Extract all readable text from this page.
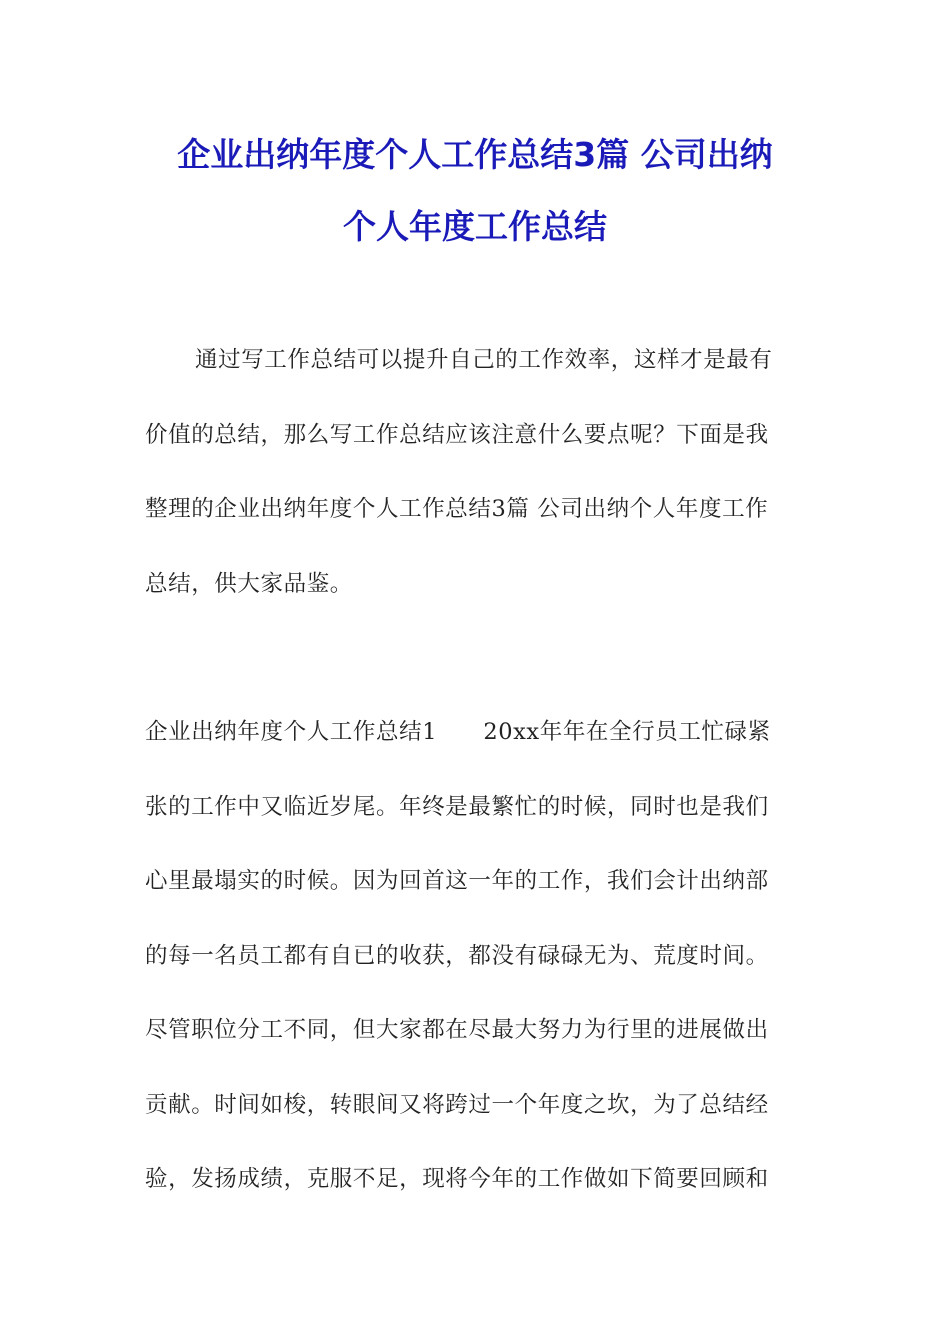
企业出纳年度个人工作总结3篇 公司出纳
个人年度工作总结
通过写工作总结可以提升自己的工作效率，这样才是最有
价值的总结，那么写工作总结应该注意什么要点呢？下面是我
整理的企业出纳年度个人工作总结3篇 公司出纳个人年度工作
总结，供大家品鉴。
企业出纳年度个人工作总结1　　20xx年年在全行员工忙碌紧
张的工作中又临近岁尾。年终是最繁忙的时候，同时也是我们
心里最塌实的时候。因为回首这一年的工作，我们会计出纳部
的每一名员工都有自已的收获，都没有碌碌无为、荒度时间。
尽管职位分工不同，但大家都在尽最大努力为行里的进展做出
贡献。时间如梭，转眼间又将跨过一个年度之坎，为了总结经
验，发扬成绩，克服不足，现将今年的工作做如下简要回顾和
